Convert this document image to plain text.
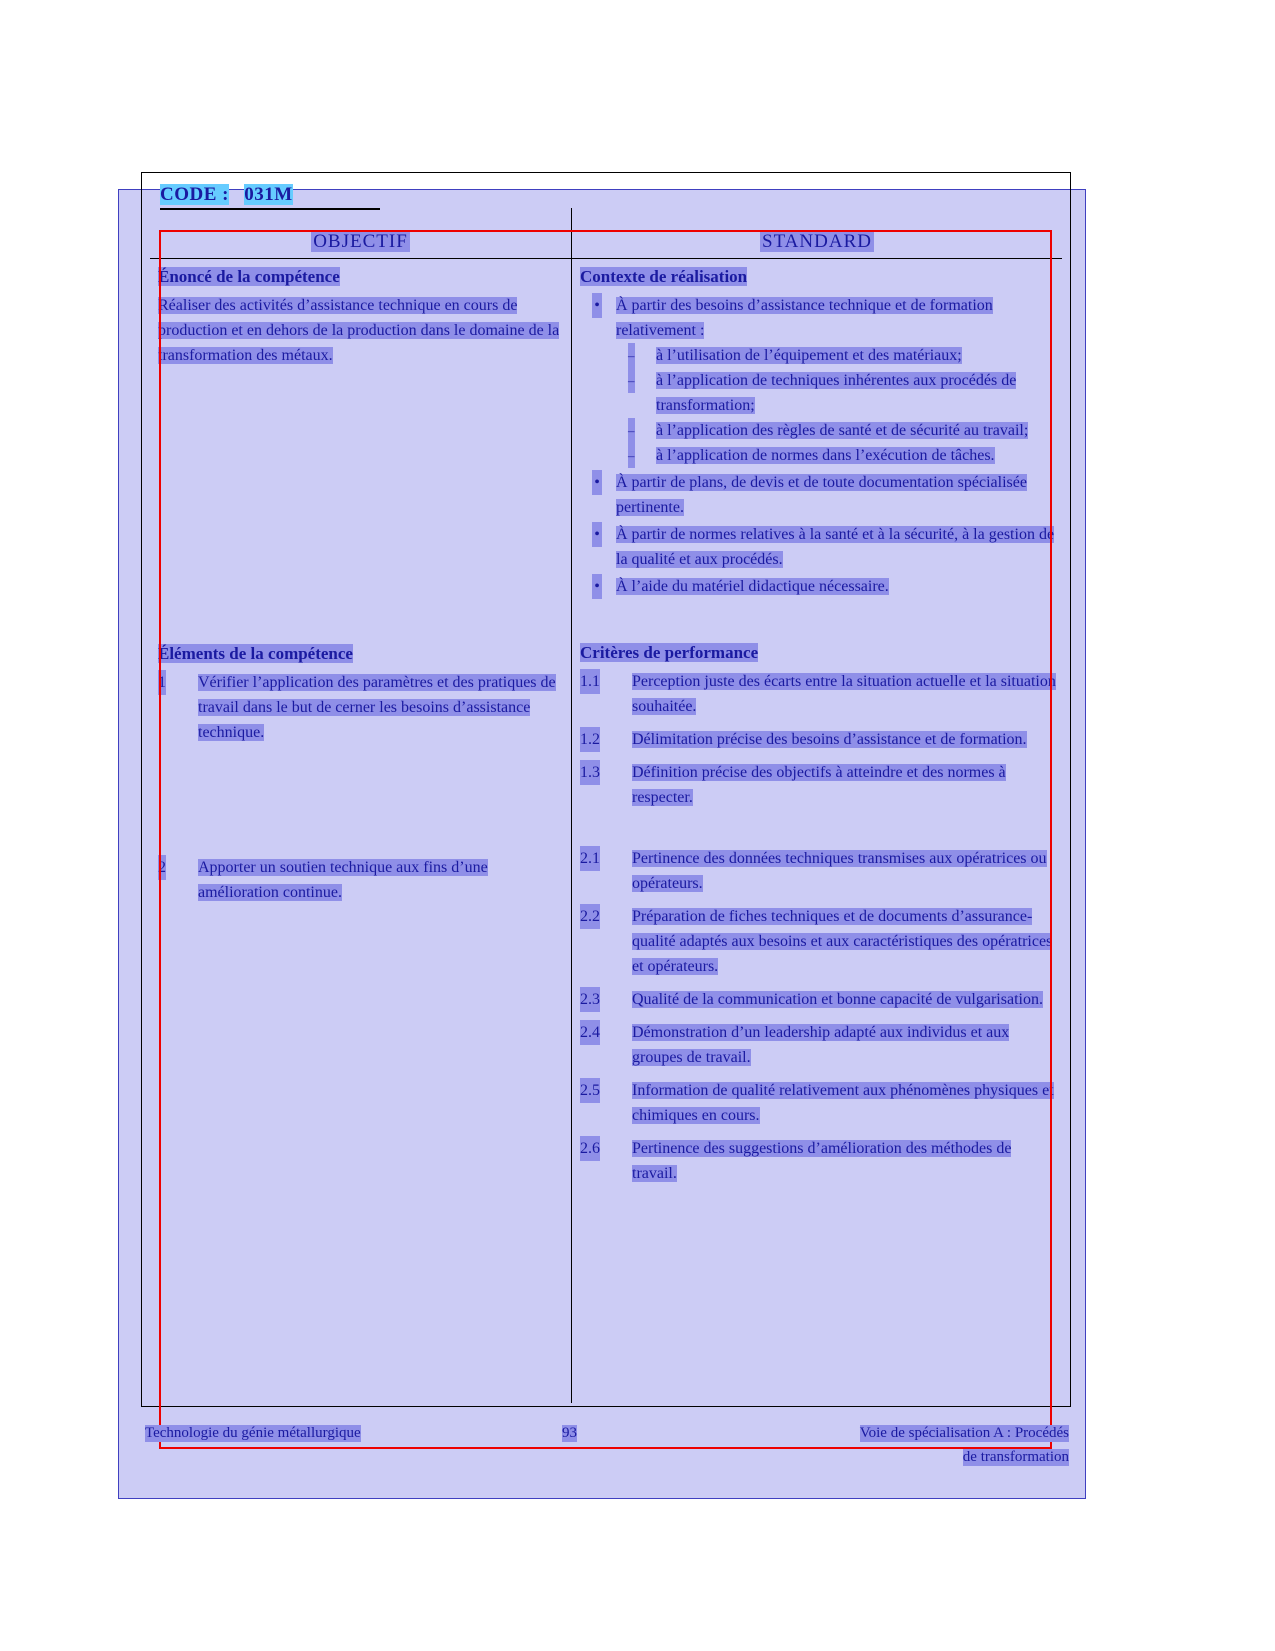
CODE : 031M
OBJECTIF
Énoncé de la compétence
Réaliser des activités d’assistance technique en cours de production et en dehors de la production dans le domaine de la transformation des métaux.
Éléments de la compétence
1 Vérifier l’application des paramètres et des pratiques de travail dans le but de cerner les besoins d’assistance technique.
2 Apporter un soutien technique aux fins d’une amélioration continue.
STANDARD
Contexte de réalisation
• À partir des besoins d’assistance technique et de formation relativement :
– à l’utilisation de l’équipement et des matériaux;
– à l’application de techniques inhérentes aux procédés de transformation;
– à l’application des règles de santé et de sécurité au travail;
– à l’application de normes dans l’exécution de tâches.
• À partir de plans, de devis et de toute documentation spécialisée pertinente.
• À partir de normes relatives à la santé et à la sécurité, à la gestion de la qualité et aux procédés.
• À l’aide du matériel didactique nécessaire.
Critères de performance
1.1 Perception juste des écarts entre la situation actuelle et la situation souhaitée.
1.2 Délimitation précise des besoins d’assistance et de formation.
1.3 Définition précise des objectifs à atteindre et des normes à respecter.
2.1 Pertinence des données techniques transmises aux opératrices ou opérateurs.
2.2 Préparation de fiches techniques et de documents d’assurance-qualité adaptés aux besoins et aux caractéristiques des opératrices et opérateurs.
2.3 Qualité de la communication et bonne capacité de vulgarisation.
2.4 Démonstration d’un leadership adapté aux individus et aux groupes de travail.
2.5 Information de qualité relativement aux phénomènes physiques et chimiques en cours.
2.6 Pertinence des suggestions d’amélioration des méthodes de travail.
Technologie du génie métallurgique	93	Voie de spécialisation A : Procédés
de transformation
